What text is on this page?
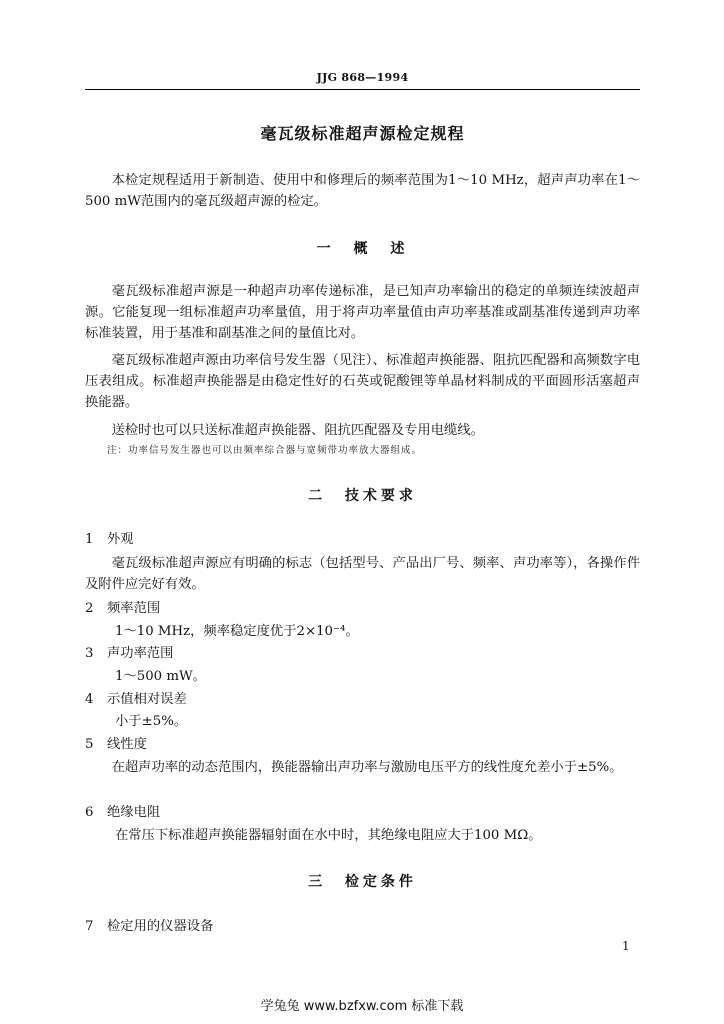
JJG 868—1994
毫瓦级标准超声源检定规程

本检定规程适用于新制造、使用中和修理后的频率范围为1～10 MHz，超声声功率在1～500 mW范围内的毫瓦级超声源的检定。

一 概 述

毫瓦级标准超声源是一种超声功率传递标准，是已知声功率输出的稳定的单频连续波超声源。它能复现一组标准超声功率量值，用于将声功率量值由声功率基准或副基准传递到声功率标准装置，用于基准和副基准之间的量值比对。

毫瓦级标准超声源由功率信号发生器（见注）、标准超声换能器、阻抗匹配器和高频数字电压表组成。标准超声换能器是由稳定性好的石英或铌酸锂等单晶材料制成的平面圆形活塞超声换能器。

送检时也可以只送标准超声换能器、阻抗匹配器及专用电缆线。

注：功率信号发生器也可以由频率综合器与宽频带功率放大器组成。
二 技术要求
1 外观

毫瓦级标准超声源应有明确的标志（包括型号、产品出厂号、频率、声功率等），各操作件及附件应完好有效。

2 频率范围
1～10 MHz，频率稳定度优于2×10⁻⁴。
3 声功率范围
1～500 mW。
4 示值相对误差
小于±5%。
5 线性度

在超声功率的动态范围内，换能器输出声功率与激励电压平方的线性度允差小于±5%。

6 绝缘电阻
在常压下标准超声换能器辐射面在水中时，其绝缘电阻应大于100 MΩ。
三 检定条件
7 检定用的仪器设备
1
学兔兔 www.bzfxw.com 标准下载
